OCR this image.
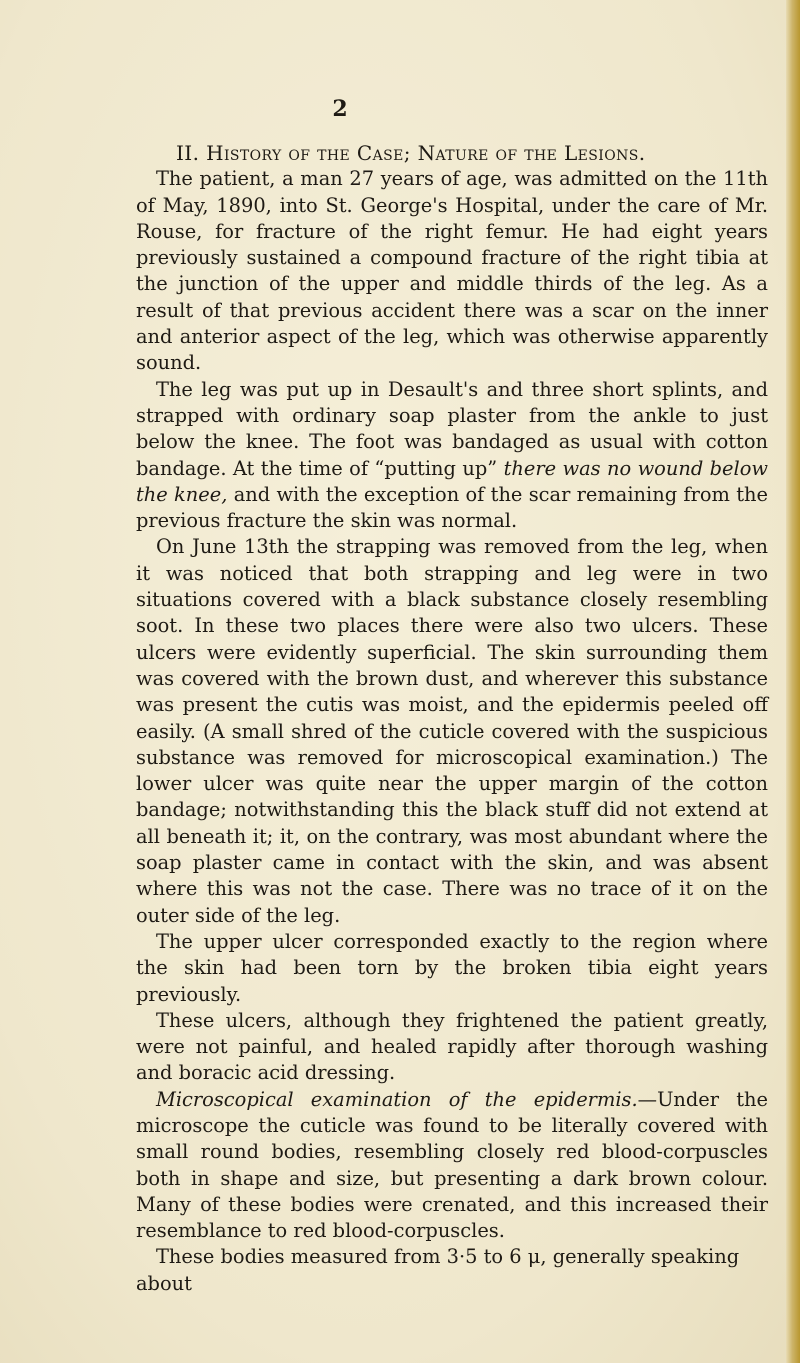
2
II. History of the Case; Nature of the Lesions.

The patient, a man 27 years of age, was admitted on the 11th of May, 1890, into St. George's Hospital, under the care of Mr. Rouse, for fracture of the right femur. He had eight years previously sustained a compound fracture of the right tibia at the junction of the upper and middle thirds of the leg. As a result of that previous accident there was a scar on the inner and anterior aspect of the leg, which was otherwise apparently sound.

The leg was put up in Desault's and three short splints, and strapped with ordinary soap plaster from the ankle to just below the knee. The foot was bandaged as usual with cotton bandage. At the time of “putting up” there was no wound below the knee, and with the exception of the scar remaining from the previous fracture the skin was normal.

On June 13th the strapping was removed from the leg, when it was noticed that both strapping and leg were in two situations covered with a black substance closely resembling soot. In these two places there were also two ulcers. These ulcers were evidently superficial. The skin surrounding them was covered with the brown dust, and wherever this substance was present the cutis was moist, and the epidermis peeled off easily. (A small shred of the cuticle covered with the suspicious substance was removed for microscopical examination.) The lower ulcer was quite near the upper margin of the cotton bandage; notwithstanding this the black stuff did not extend at all beneath it; it, on the contrary, was most abundant where the soap plaster came in contact with the skin, and was absent where this was not the case. There was no trace of it on the outer side of the leg.

The upper ulcer corresponded exactly to the region where the skin had been torn by the broken tibia eight years previously.

These ulcers, although they frightened the patient greatly, were not painful, and healed rapidly after thorough washing and boracic acid dressing.

Microscopical examination of the epidermis.—Under the microscope the cuticle was found to be literally covered with small round bodies, resembling closely red blood-corpuscles both in shape and size, but presenting a dark brown colour. Many of these bodies were crenated, and this increased their resemblance to red blood-corpuscles.

These bodies measured from 3·5 to 6 μ, generally speaking about
